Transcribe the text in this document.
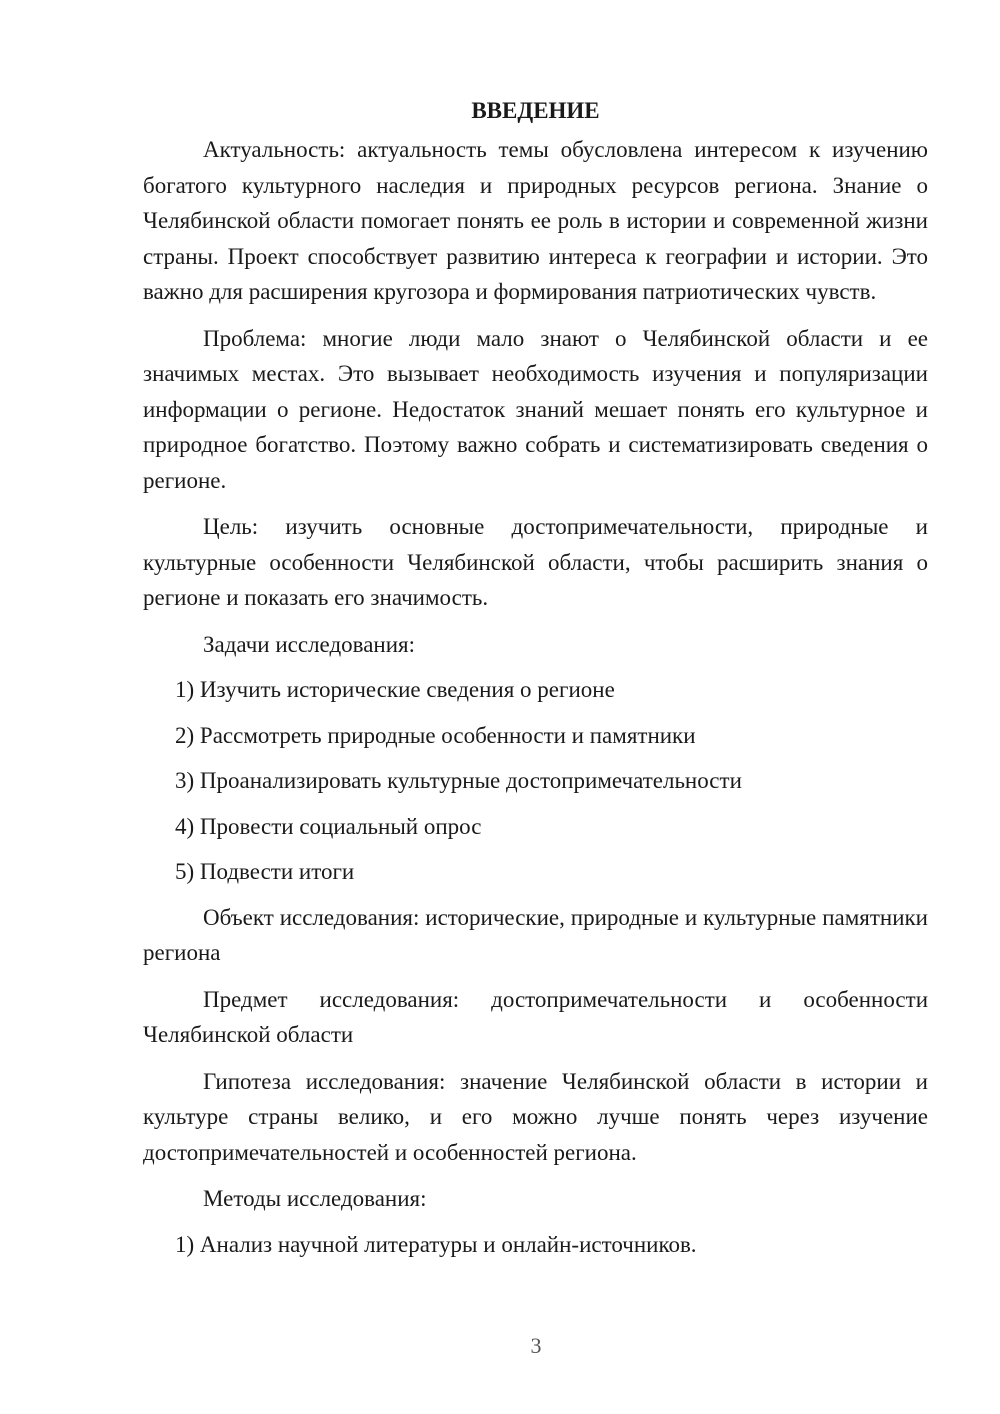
ВВЕДЕНИЕ

Актуальность: актуальность темы обусловлена интересом к изучению богатого культурного наследия и природных ресурсов региона. Знание о Челябинской области помогает понять ее роль в истории и современной жизни страны. Проект способствует развитию интереса к географии и истории. Это важно для расширения кругозора и формирования патриотических чувств.

Проблема: многие люди мало знают о Челябинской области и ее значимых местах. Это вызывает необходимость изучения и популяризации информации о регионе. Недостаток знаний мешает понять его культурное и природное богатство. Поэтому важно собрать и систематизировать сведения о регионе.

Цель: изучить основные достопримечательности, природные и культурные особенности Челябинской области, чтобы расширить знания о регионе и показать его значимость.

Задачи исследования:

1) Изучить исторические сведения о регионе
2) Рассмотреть природные особенности и памятники
3) Проанализировать культурные достопримечательности
4) Провести социальный опрос
5) Подвести итоги

Объект исследования: исторические, природные и культурные памятники региона

Предмет исследования: достопримечательности и особенности Челябинской области

Гипотеза исследования: значение Челябинской области в истории и культуре страны велико, и его можно лучше понять через изучение достопримечательностей и особенностей региона.

Методы исследования:

1) Анализ научной литературы и онлайн-источников.
3
